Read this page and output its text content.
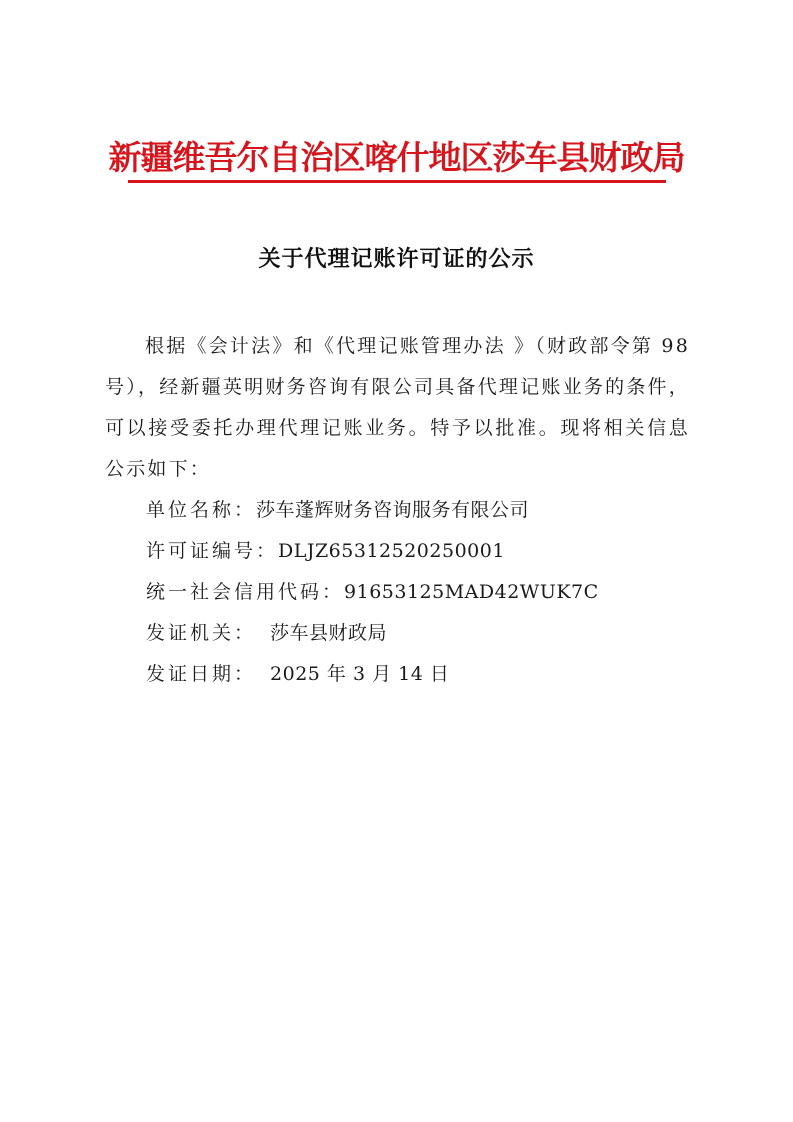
新疆维吾尔自治区喀什地区莎车县财政局
关于代理记账许可证的公示

根据《会计法》和《代理记账管理办法 》（财政部令第 98号），经新疆英明财务咨询有限公司具备代理记账业务的条件，可以接受委托办理代理记账业务。特予以批准。现将相关信息公示如下：

单位名称：莎车蓬辉财务咨询服务有限公司
许可证编号：DLJZ65312520250001
统一社会信用代码：91653125MAD42WUK7C
发证机关： 莎车县财政局
发证日期： 2025 年 3 月 14 日
